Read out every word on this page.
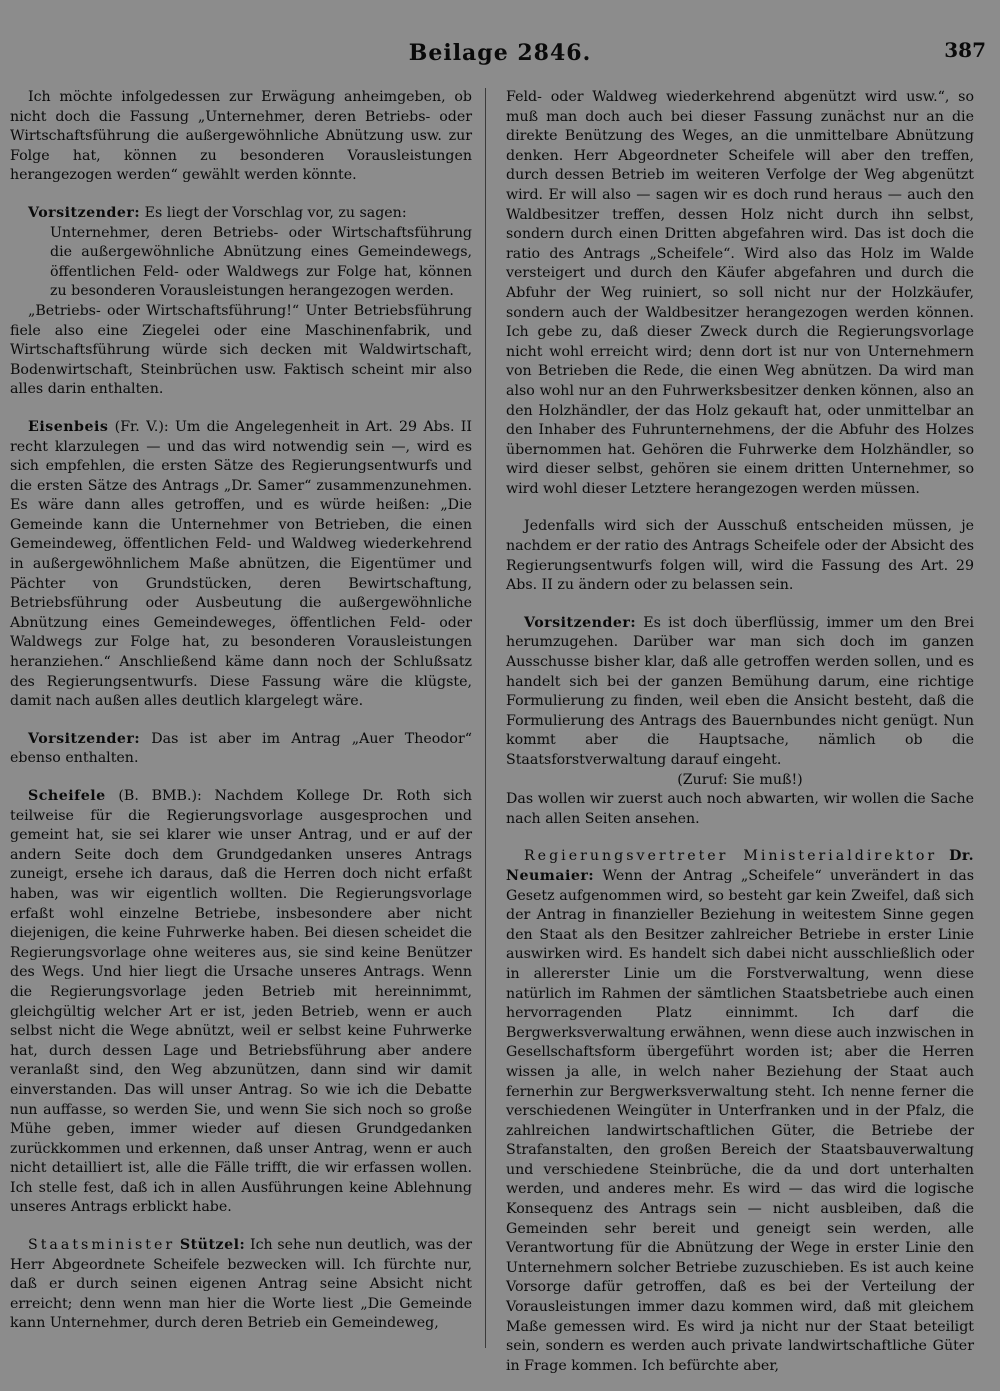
Beilage 2846.	387

Ich möchte infolgedessen zur Erwägung anheimgeben, ob nicht doch die Fassung „Unternehmer, deren Betriebs- oder Wirtschaftsführung die außergewöhnliche Abnützung usw. zur Folge hat, können zu besonderen Vorausleistungen herangezogen werden“ gewählt werden könnte.

Vorsitzender: Es liegt der Vorschlag vor, zu sagen:

Unternehmer, deren Betriebs- oder Wirtschaftsführung die außergewöhnliche Abnützung eines Gemeindewegs, öffentlichen Feld- oder Waldwegs zur Folge hat, können zu besonderen Vorausleistungen herangezogen werden.

„Betriebs- oder Wirtschaftsführung!“ Unter Betriebsführung fiele also eine Ziegelei oder eine Maschinenfabrik, und Wirtschaftsführung würde sich decken mit Waldwirtschaft, Bodenwirtschaft, Steinbrüchen usw. Faktisch scheint mir also alles darin enthalten.

Eisenbeis (Fr. V.): Um die Angelegenheit in Art. 29 Abs. II recht klarzulegen — und das wird notwendig sein —, wird es sich empfehlen, die ersten Sätze des Regierungsentwurfs und die ersten Sätze des Antrags „Dr. Samer“ zusammenzunehmen. Es wäre dann alles getroffen, und es würde heißen: „Die Gemeinde kann die Unternehmer von Betrieben, die einen Gemeindeweg, öffentlichen Feld- und Waldweg wiederkehrend in außergewöhnlichem Maße abnützen, die Eigentümer und Pächter von Grundstücken, deren Bewirtschaftung, Betriebsführung oder Ausbeutung die außergewöhnliche Abnützung eines Gemeindeweges, öffentlichen Feld- oder Waldwegs zur Folge hat, zu besonderen Vorausleistungen heranziehen.“ Anschließend käme dann noch der Schlußsatz des Regierungsentwurfs. Diese Fassung wäre die klügste, damit nach außen alles deutlich klargelegt wäre.

Vorsitzender: Das ist aber im Antrag „Auer Theodor“ ebenso enthalten.

Scheifele (B. BMB.): Nachdem Kollege Dr. Roth sich teilweise für die Regierungsvorlage ausgesprochen und gemeint hat, sie sei klarer wie unser Antrag, und er auf der andern Seite doch dem Grundgedanken unseres Antrags zuneigt, ersehe ich daraus, daß die Herren doch nicht erfaßt haben, was wir eigentlich wollten. Die Regierungsvorlage erfaßt wohl einzelne Betriebe, insbesondere aber nicht diejenigen, die keine Fuhrwerke haben. Bei diesen scheidet die Regierungsvorlage ohne weiteres aus, sie sind keine Benützer des Wegs. Und hier liegt die Ursache unseres Antrags. Wenn die Regierungsvorlage jeden Betrieb mit hereinnimmt, gleichgültig welcher Art er ist, jeden Betrieb, wenn er auch selbst nicht die Wege abnützt, weil er selbst keine Fuhrwerke hat, durch dessen Lage und Betriebsführung aber andere veranlaßt sind, den Weg abzunützen, dann sind wir damit einverstanden. Das will unser Antrag. So wie ich die Debatte nun auffasse, so werden Sie, und wenn Sie sich noch so große Mühe geben, immer wieder auf diesen Grundgedanken zurückkommen und erkennen, daß unser Antrag, wenn er auch nicht detailliert ist, alle die Fälle trifft, die wir erfassen wollen. Ich stelle fest, daß ich in allen Ausführungen keine Ablehnung unseres Antrags erblickt habe.

Staatsminister Stützel: Ich sehe nun deutlich, was der Herr Abgeordnete Scheifele bezwecken will. Ich fürchte nur, daß er durch seinen eigenen Antrag seine Absicht nicht erreicht; denn wenn man hier die Worte liest „Die Gemeinde kann Unternehmer, durch deren Betrieb ein Gemeindeweg,

Feld- oder Waldweg wiederkehrend abgenützt wird usw.“, so muß man doch auch bei dieser Fassung zunächst nur an die direkte Benützung des Weges, an die unmittelbare Abnützung denken. Herr Abgeordneter Scheifele will aber den treffen, durch dessen Betrieb im weiteren Verfolge der Weg abgenützt wird. Er will also — sagen wir es doch rund heraus — auch den Waldbesitzer treffen, dessen Holz nicht durch ihn selbst, sondern durch einen Dritten abgefahren wird. Das ist doch die ratio des Antrags „Scheifele“. Wird also das Holz im Walde versteigert und durch den Käufer abgefahren und durch die Abfuhr der Weg ruiniert, so soll nicht nur der Holzkäufer, sondern auch der Waldbesitzer herangezogen werden können. Ich gebe zu, daß dieser Zweck durch die Regierungsvorlage nicht wohl erreicht wird; denn dort ist nur von Unternehmern von Betrieben die Rede, die einen Weg abnützen. Da wird man also wohl nur an den Fuhrwerksbesitzer denken können, also an den Holzhändler, der das Holz gekauft hat, oder unmittelbar an den Inhaber des Fuhrunternehmens, der die Abfuhr des Holzes übernommen hat. Gehören die Fuhrwerke dem Holzhändler, so wird dieser selbst, gehören sie einem dritten Unternehmer, so wird wohl dieser Letztere herangezogen werden müssen.

Jedenfalls wird sich der Ausschuß entscheiden müssen, je nachdem er der ratio des Antrags Scheifele oder der Absicht des Regierungsentwurfs folgen will, wird die Fassung des Art. 29 Abs. II zu ändern oder zu belassen sein.

Vorsitzender: Es ist doch überflüssig, immer um den Brei herumzugehen. Darüber war man sich doch im ganzen Ausschusse bisher klar, daß alle getroffen werden sollen, und es handelt sich bei der ganzen Bemühung darum, eine richtige Formulierung zu finden, weil eben die Ansicht besteht, daß die Formulierung des Antrags des Bauernbundes nicht genügt. Nun kommt aber die Hauptsache, nämlich ob die Staatsforstverwaltung darauf eingeht.

(Zuruf: Sie muß!)

Das wollen wir zuerst auch noch abwarten, wir wollen die Sache nach allen Seiten ansehen.

Regierungsvertreter Ministerialdirektor Dr. Neumaier: Wenn der Antrag „Scheifele“ unverändert in das Gesetz aufgenommen wird, so besteht gar kein Zweifel, daß sich der Antrag in finanzieller Beziehung in weitestem Sinne gegen den Staat als den Besitzer zahlreicher Betriebe in erster Linie auswirken wird. Es handelt sich dabei nicht ausschließlich oder in allererster Linie um die Forstverwaltung, wenn diese natürlich im Rahmen der sämtlichen Staatsbetriebe auch einen hervorragenden Platz einnimmt. Ich darf die Bergwerksverwaltung erwähnen, wenn diese auch inzwischen in Gesellschaftsform übergeführt worden ist; aber die Herren wissen ja alle, in welch naher Beziehung der Staat auch fernerhin zur Bergwerksverwaltung steht. Ich nenne ferner die verschiedenen Weingüter in Unterfranken und in der Pfalz, die zahlreichen landwirtschaftlichen Güter, die Betriebe der Strafanstalten, den großen Bereich der Staatsbauverwaltung und verschiedene Steinbrüche, die da und dort unterhalten werden, und anderes mehr. Es wird — das wird die logische Konsequenz des Antrags sein — nicht ausbleiben, daß die Gemeinden sehr bereit und geneigt sein werden, alle Verantwortung für die Abnützung der Wege in erster Linie den Unternehmern solcher Betriebe zuzuschieben. Es ist auch keine Vorsorge dafür getroffen, daß es bei der Verteilung der Vorausleistungen immer dazu kommen wird, daß mit gleichem Maße gemessen wird. Es wird ja nicht nur der Staat beteiligt sein, sondern es werden auch private landwirtschaftliche Güter in Frage kommen. Ich befürchte aber,
